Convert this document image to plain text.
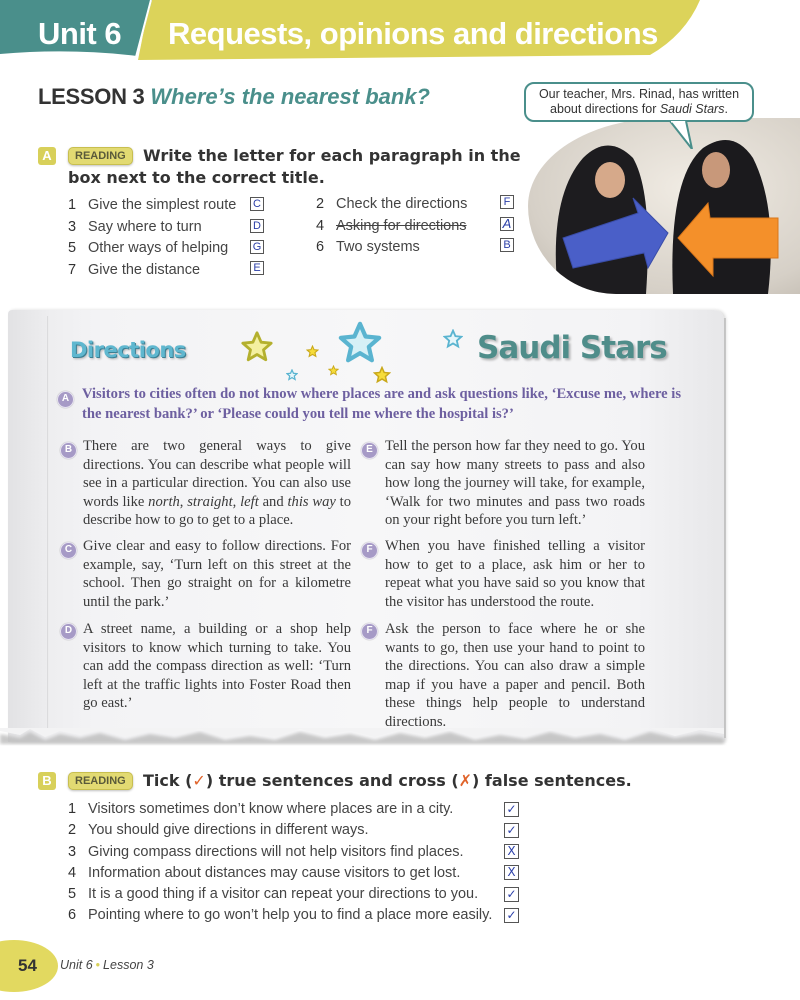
Unit 6 Requests, opinions and directions
LESSON 3 Where’s the nearest bank?	Our teacher, Mrs. Rinad, has written
about directions for Saudi Stars.
A	READING	Write the letter for each paragraph in the
box next to the correct title.
1 Give the simplest route C	2 Check the directions	F
3 Say where to turn	D	4 Asking for directions	A
5 Other ways of helping G	6 Two systems	B
7 Give the distance	E
Directions	Saudi Stars
A Visitors to cities often do not know where places are and ask questions like, ‘Excuse me, where is the nearest bank?’ or ‘Please could you tell me where the hospital is?’
B There are two general ways to give directions. You can describe what people will see in a particular direction. You can also use words like north, straight, left and this way to describe how to go to get to a place.
C Give clear and easy to follow directions. For example, say, ‘Turn left on this street at the school. Then go straight on for a kilometre until the park.’
D A street name, a building or a shop help visitors to know which turning to take. You can add the compass direction as well: ‘Turn left at the traffic lights into Foster Road then go east.’
E Tell the person how far they need to go. You can say how many streets to pass and also how long the journey will take, for example, ‘Walk for two minutes and pass two roads on your right before you turn left.’
F When you have finished telling a visitor how to get to a place, ask him or her to repeat what you have said so you know that the visitor has understood the route.
F Ask the person to face where he or she wants to go, then use your hand to point to the directions. You can also draw a simple map if you have a paper and pencil. Both these things help people to understand directions.
B	READING	Tick (✓) true sentences and cross (✗) false sentences.
1 Visitors sometimes don’t know where places are in a city.	✓
2 You should give directions in different ways.	✓
3 Giving compass directions will not help visitors find places.	X
4 Information about distances may cause visitors to get lost.	X
5 It is a good thing if a visitor can repeat your directions to you. ✓
6 Pointing where to go won’t help you to find a place more easily. ✓
54 Unit 6 • Lesson 3
